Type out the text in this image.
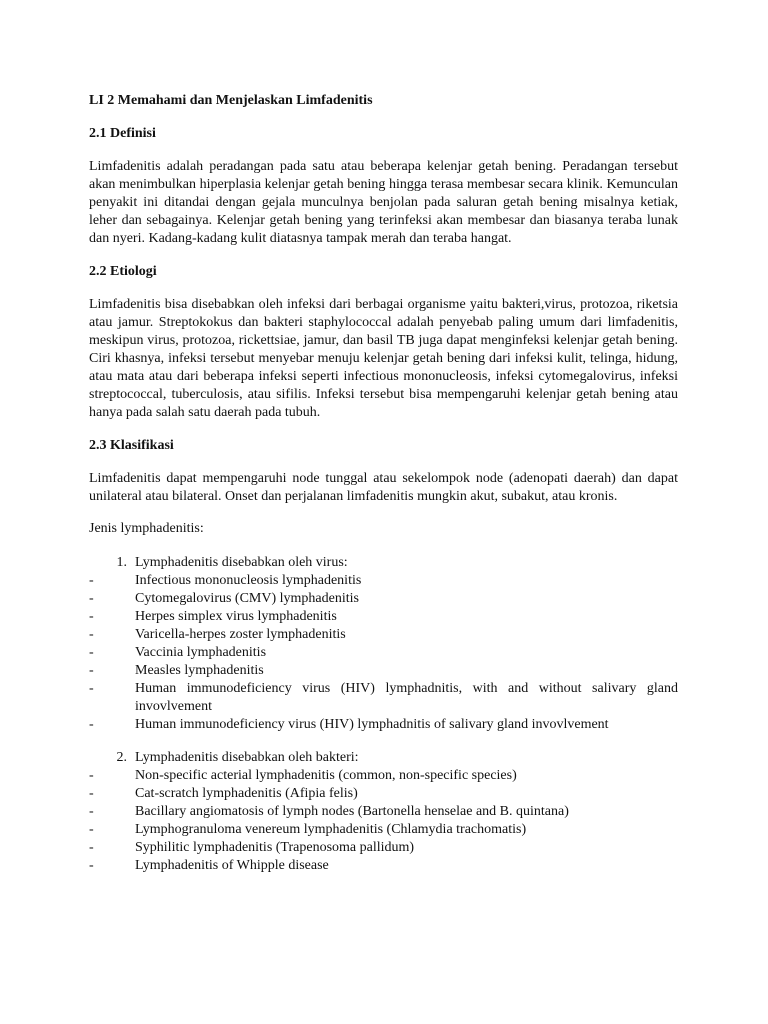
LI 2 Memahami dan Menjelaskan Limfadenitis

2.1 Definisi

Limfadenitis adalah peradangan pada satu atau beberapa kelenjar getah bening. Peradangan tersebut akan menimbulkan hiperplasia kelenjar getah bening hingga terasa membesar secara klinik. Kemunculan penyakit ini ditandai dengan gejala munculnya benjolan pada saluran getah bening misalnya ketiak, leher dan sebagainya. Kelenjar getah bening yang terinfeksi akan membesar dan biasanya teraba lunak dan nyeri. Kadang-kadang kulit diatasnya tampak merah dan teraba hangat.

2.2 Etiologi

Limfadenitis bisa disebabkan oleh infeksi dari berbagai organisme yaitu bakteri,virus, protozoa, riketsia atau jamur. Streptokokus dan bakteri staphylococcal adalah penyebab paling umum dari limfadenitis, meskipun virus, protozoa, rickettsiae, jamur, dan basil TB juga dapat menginfeksi kelenjar getah bening. Ciri khasnya, infeksi tersebut menyebar menuju kelenjar getah bening dari infeksi kulit, telinga, hidung, atau mata atau dari beberapa infeksi seperti infectious mononucleosis, infeksi cytomegalovirus, infeksi streptococcal, tuberculosis, atau sifilis. Infeksi tersebut bisa mempengaruhi kelenjar getah bening atau hanya pada salah satu daerah pada tubuh.

2.3 Klasifikasi

Limfadenitis dapat mempengaruhi node tunggal atau sekelompok node (adenopati daerah) dan dapat unilateral atau bilateral. Onset dan perjalanan limfadenitis mungkin akut, subakut, atau kronis.

Jenis lymphadenitis:

1. Lymphadenitis disebabkan oleh virus:
-	Infectious mononucleosis lymphadenitis
-	Cytomegalovirus (CMV) lymphadenitis
-	Herpes simplex virus lymphadenitis
-	Varicella-herpes zoster lymphadenitis
-	Vaccinia lymphadenitis
-	Measles lymphadenitis
-	Human immunodeficiency virus (HIV) lymphadnitis, with and without salivary gland invovlvement
-	Human immunodeficiency virus (HIV) lymphadnitis of salivary gland invovlvement
2. Lymphadenitis disebabkan oleh bakteri:
-	Non-specific acterial lymphadenitis (common, non-specific species)
-	Cat-scratch lymphadenitis (Afipia felis)
-	Bacillary angiomatosis of lymph nodes (Bartonella henselae and B. quintana)
-	Lymphogranuloma venereum lymphadenitis (Chlamydia trachomatis)
-	Syphilitic lymphadenitis (Trapenosoma pallidum)
-	Lymphadenitis of Whipple disease
